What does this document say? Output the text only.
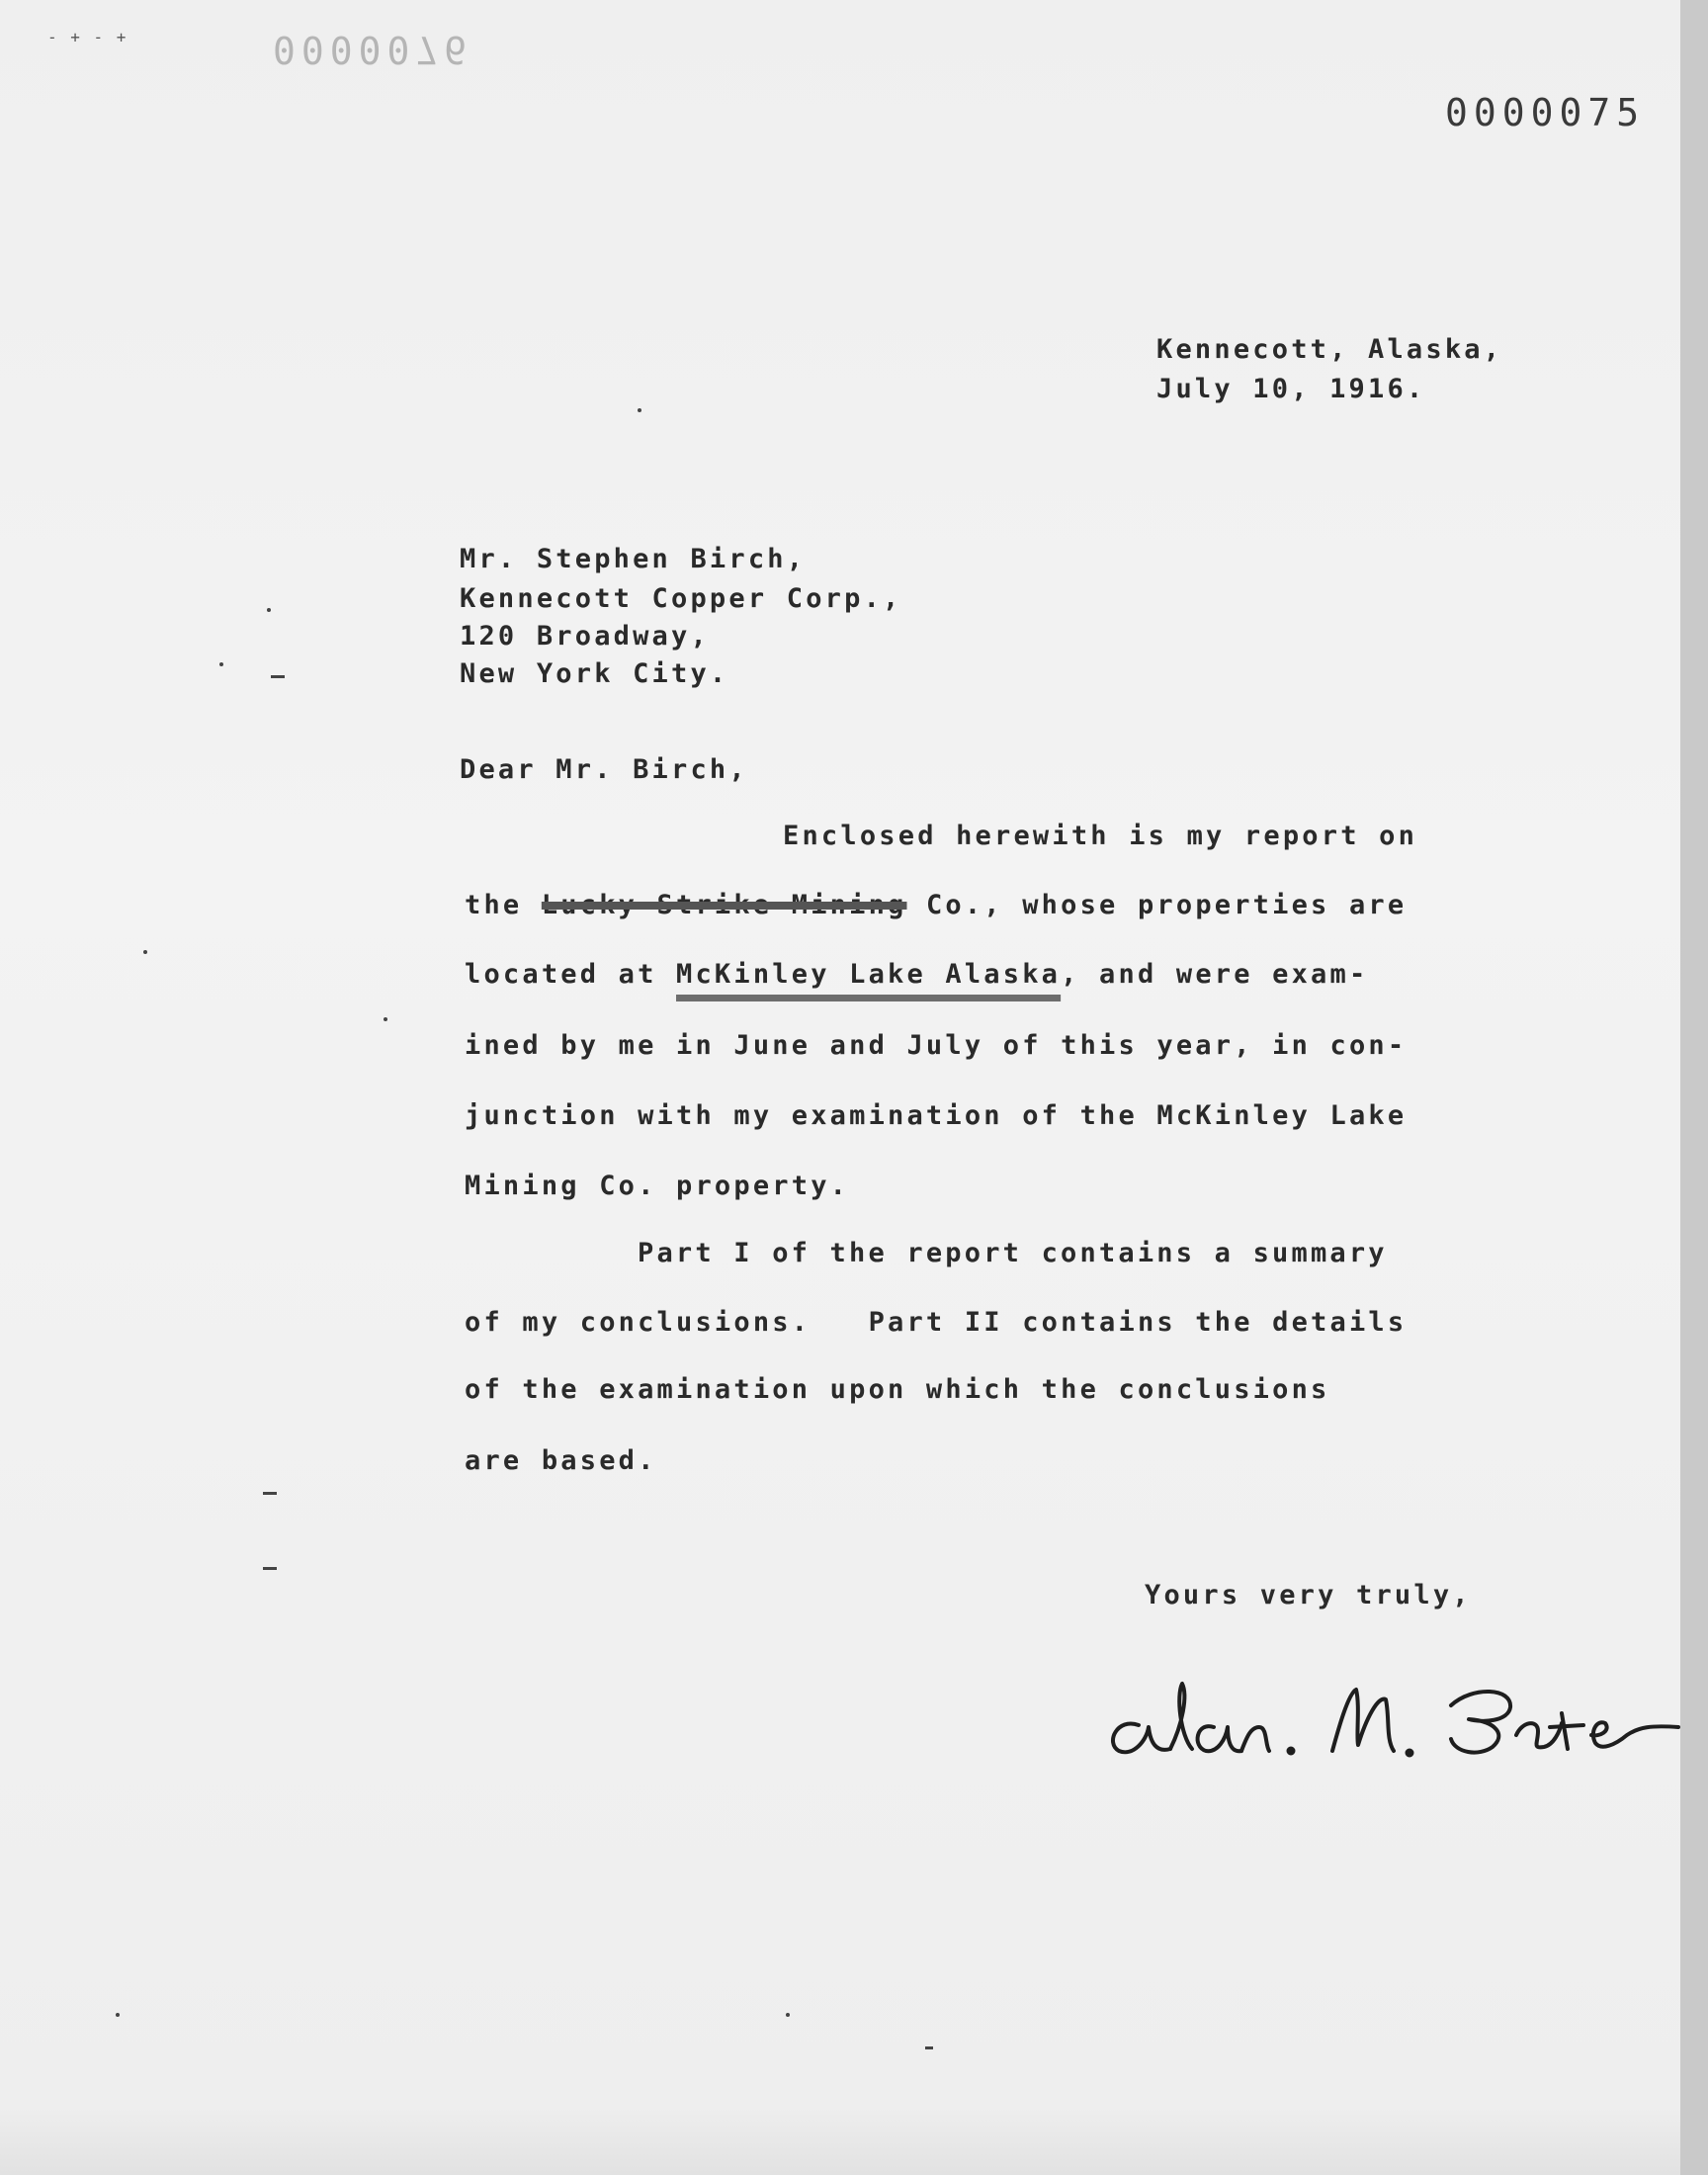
- + - +	0000076
0000075
Kennecott, Alaska,
July 10, 1916.
Mr. Stephen Birch,
Kennecott Copper Corp.,
120 Broadway,
New York City.
Dear Mr. Birch,
Enclosed herewith is my report on
the Lucky Strike Mining Co., whose properties are
located at McKinley Lake Alaska, and were exam-
ined by me in June and July of this year, in con-
junction with my examination of the McKinley Lake
Mining Co. property.
Part I of the report contains a summary
of my conclusions.   Part II contains the details
of the examination upon which the conclusions
are based.
Yours very truly,
